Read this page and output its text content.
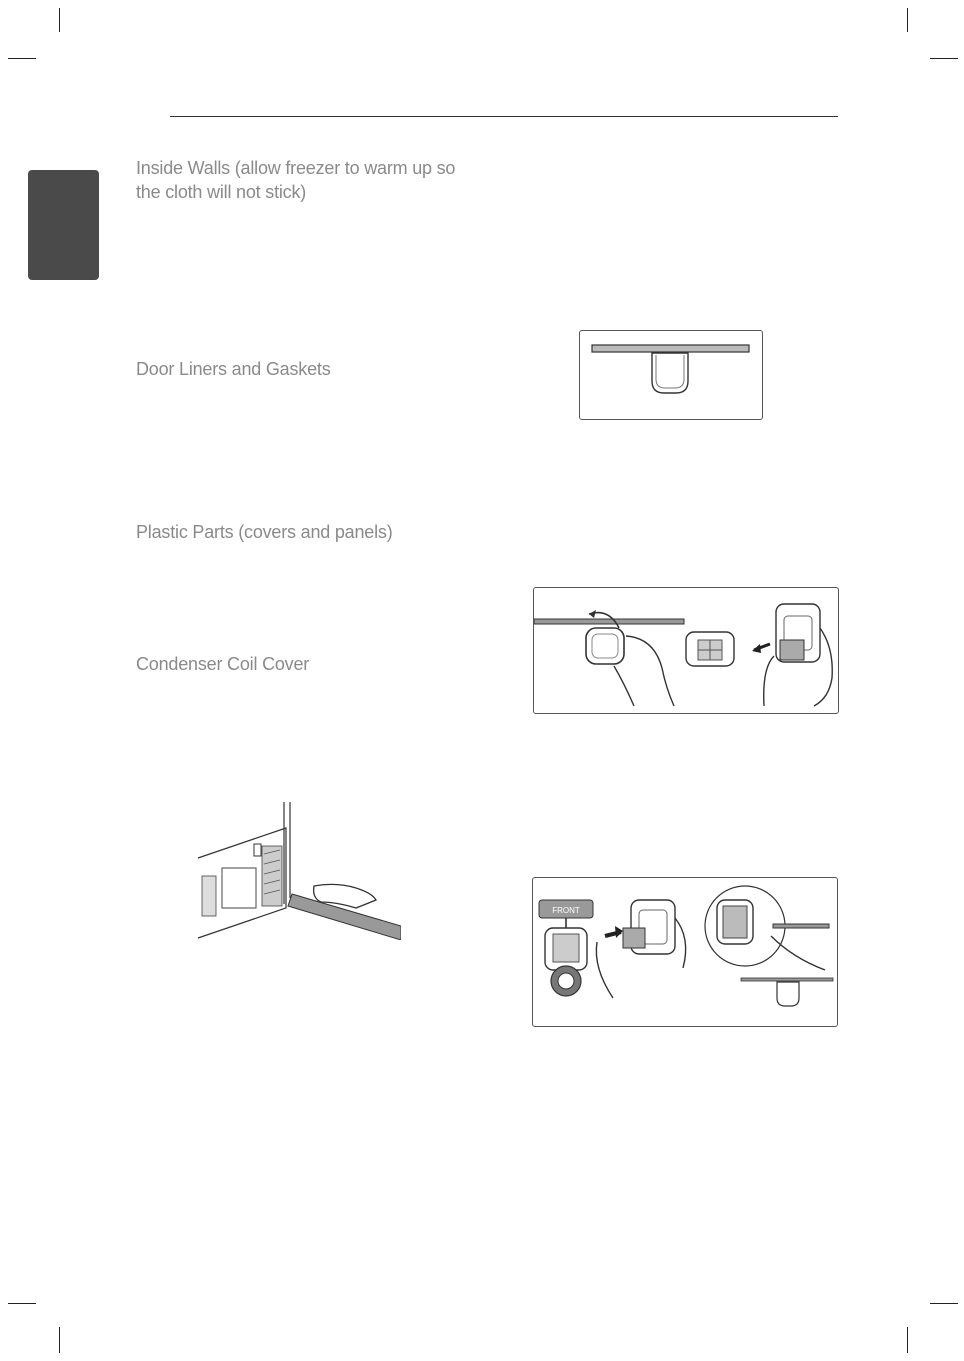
Inside Walls (allow freezer to warm up so the cloth will not stick)
Door Liners and Gaskets
Plastic Parts (covers and panels)
Condenser Coil Cover
FRONT
